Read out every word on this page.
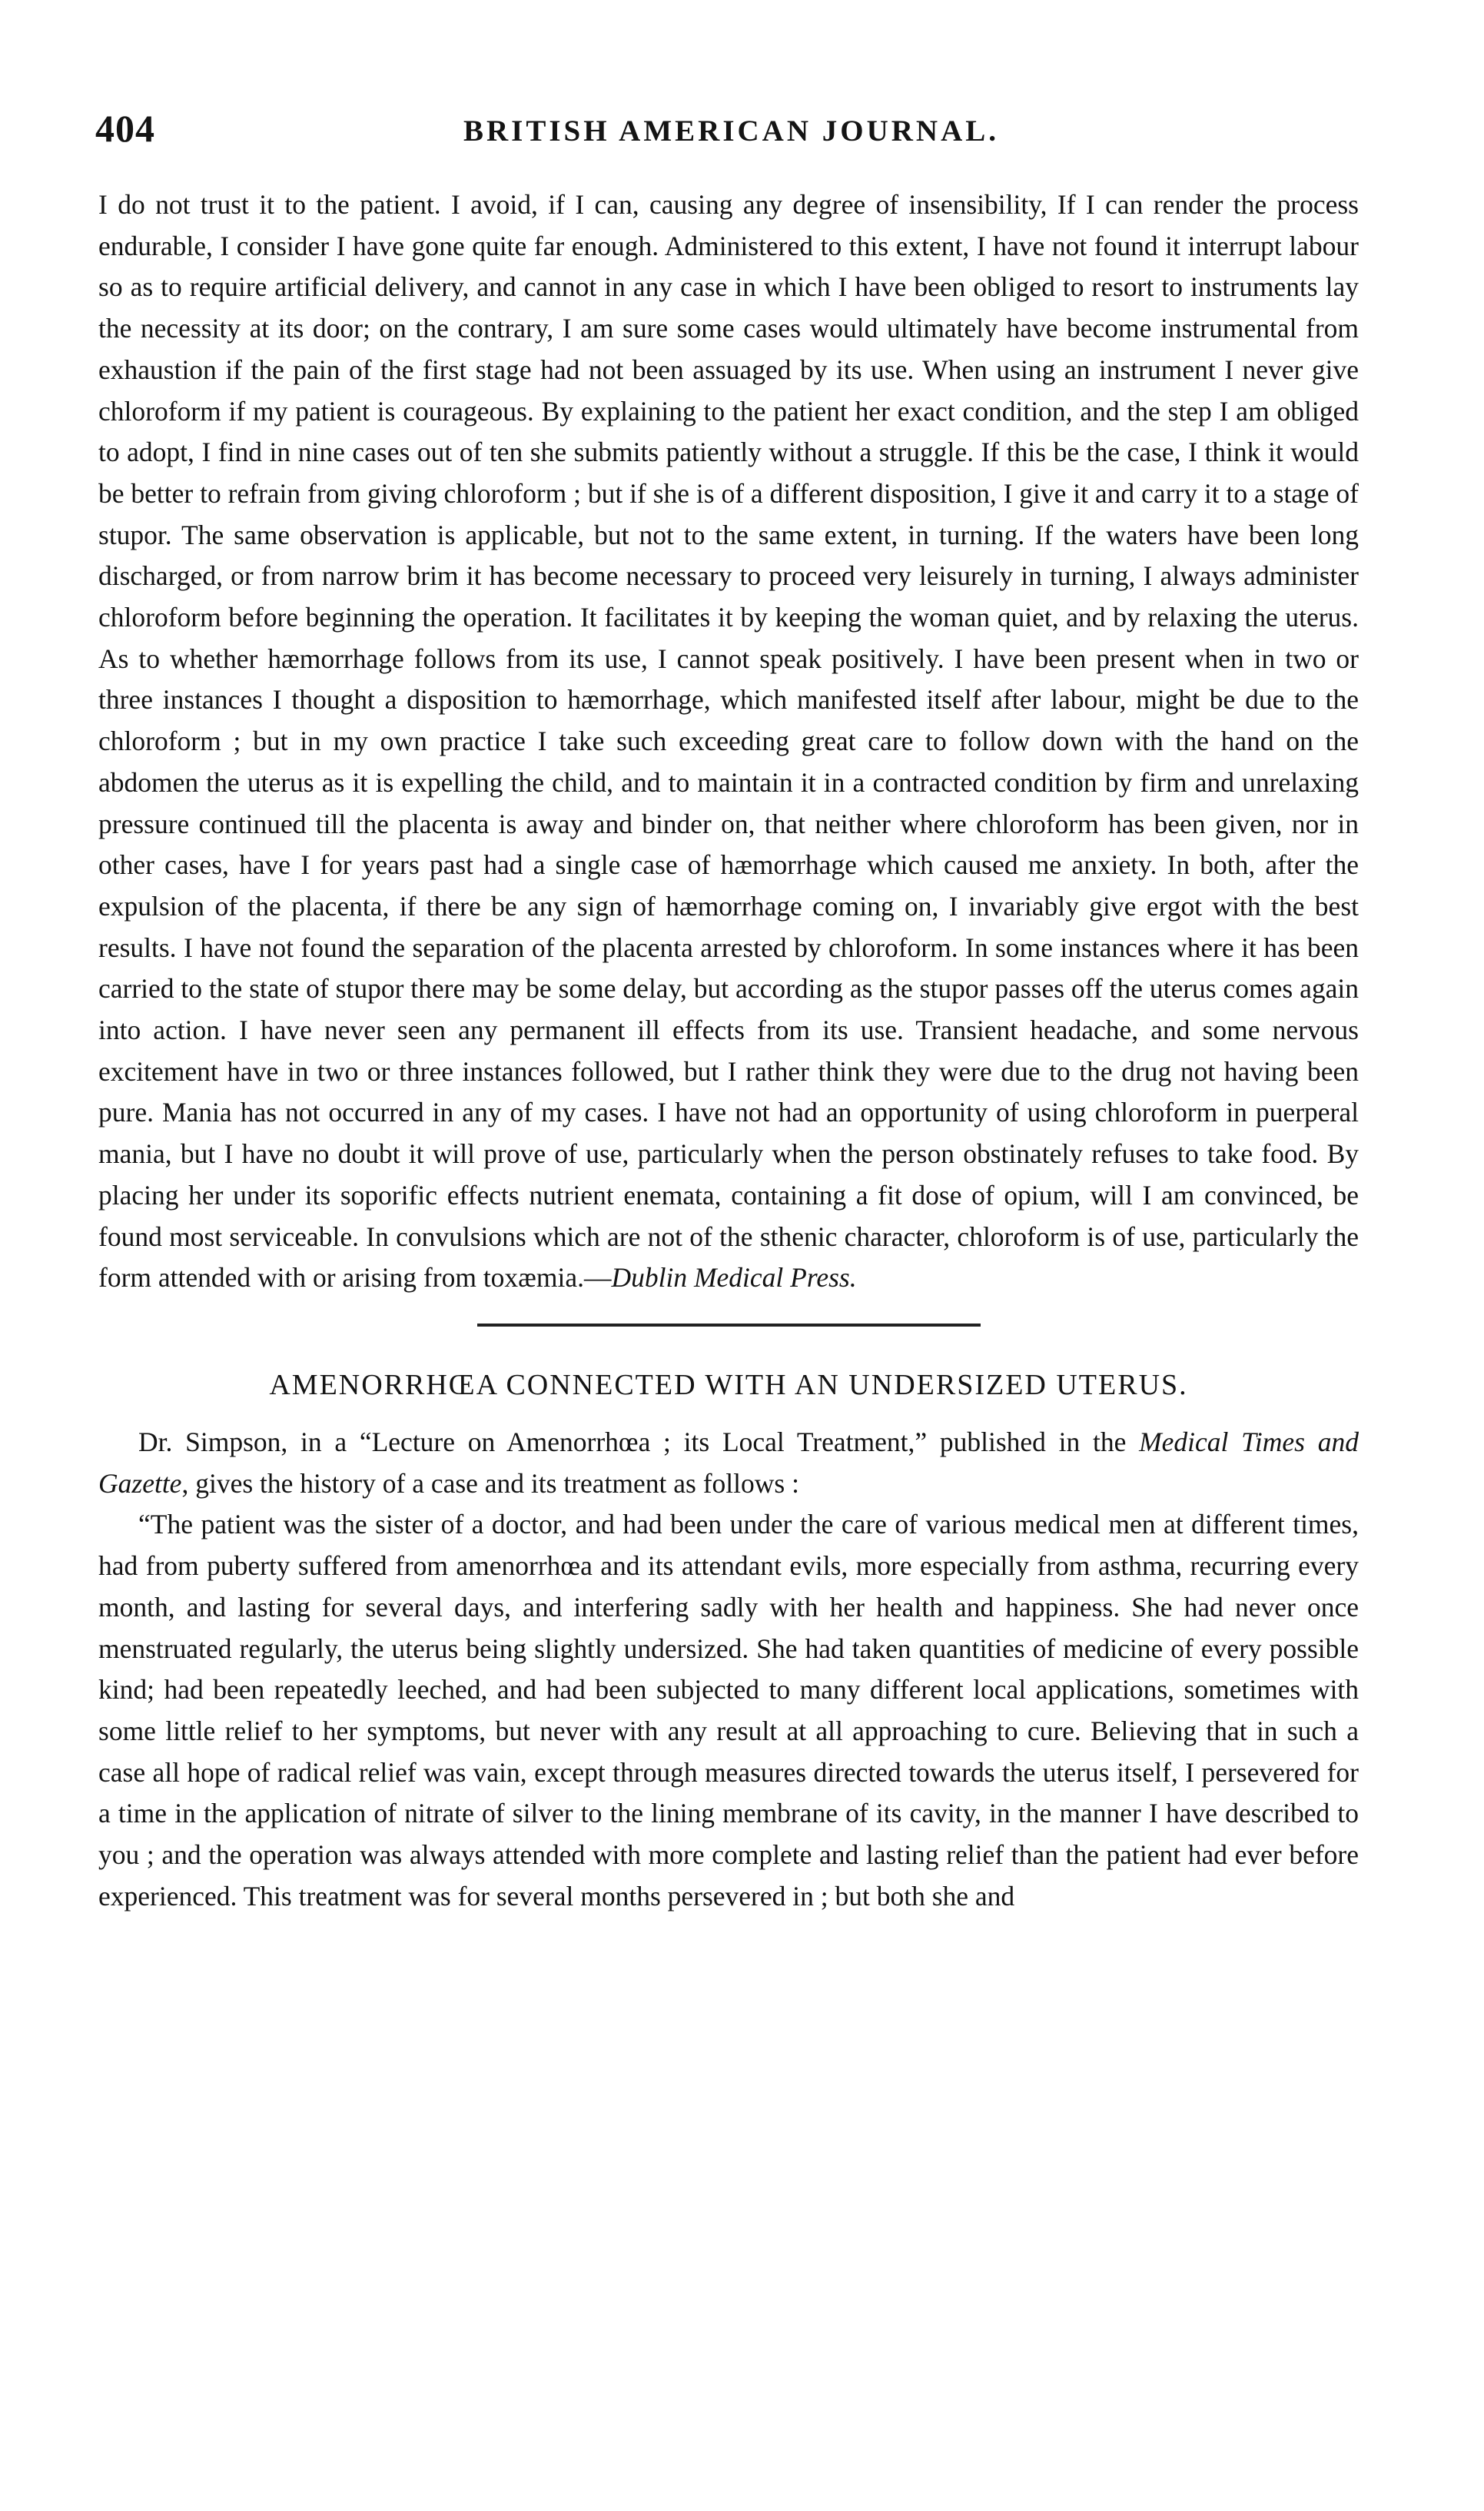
404	BRITISH AMERICAN JOURNAL.

I do not trust it to the patient. I avoid, if I can, causing any degree of insensibility, If I can render the process endurable, I consider I have gone quite far enough. Administered to this extent, I have not found it interrupt labour so as to require artificial delivery, and cannot in any case in which I have been obliged to resort to instruments lay the necessity at its door; on the contrary, I am sure some cases would ultimately have become instrumental from exhaustion if the pain of the first stage had not been assuaged by its use. When using an instrument I never give chloroform if my patient is courageous. By explaining to the patient her exact condition, and the step I am obliged to adopt, I find in nine cases out of ten she submits patiently without a struggle. If this be the case, I think it would be better to refrain from giving chloroform ; but if she is of a different disposition, I give it and carry it to a stage of stupor. The same observation is applicable, but not to the same extent, in turning. If the waters have been long discharged, or from narrow brim it has become necessary to proceed very leisurely in turning, I always administer chloroform before beginning the operation. It facilitates it by keeping the woman quiet, and by relaxing the uterus. As to whether hæmorrhage follows from its use, I cannot speak positively. I have been present when in two or three instances I thought a disposition to hæmorrhage, which manifested itself after labour, might be due to the chloroform ; but in my own practice I take such exceeding great care to follow down with the hand on the abdomen the uterus as it is expelling the child, and to maintain it in a contracted condition by firm and unrelaxing pressure continued till the placenta is away and binder on, that neither where chloroform has been given, nor in other cases, have I for years past had a single case of hæmorrhage which caused me anxiety. In both, after the expulsion of the placenta, if there be any sign of hæmorrhage coming on, I invariably give ergot with the best results. I have not found the separation of the placenta arrested by chloroform. In some instances where it has been carried to the state of stupor there may be some delay, but according as the stupor passes off the uterus comes again into action. I have never seen any permanent ill effects from its use. Transient headache, and some nervous excitement have in two or three instances followed, but I rather think they were due to the drug not having been pure. Mania has not occurred in any of my cases. I have not had an opportunity of using chloroform in puerperal mania, but I have no doubt it will prove of use, particularly when the person obstinately refuses to take food. By placing her under its soporific effects nutrient enemata, containing a fit dose of opium, will I am convinced, be found most serviceable. In convulsions which are not of the sthenic character, chloroform is of use, particularly the form attended with or arising from toxæmia.—Dublin Medical Press.

AMENORRHŒA CONNECTED WITH AN UNDERSIZED UTERUS.

Dr. Simpson, in a “Lecture on Amenorrhœa ; its Local Treatment,” published in the Medical Times and Gazette, gives the history of a case and its treatment as follows :

“The patient was the sister of a doctor, and had been under the care of various medical men at different times, had from puberty suffered from amenorrhœa and its attendant evils, more especially from asthma, recurring every month, and lasting for several days, and interfering sadly with her health and happiness. She had never once menstruated regularly, the uterus being slightly undersized. She had taken quantities of medicine of every possible kind; had been repeatedly leeched, and had been subjected to many different local applications, sometimes with some little relief to her symptoms, but never with any result at all approaching to cure. Believing that in such a case all hope of radical relief was vain, except through measures directed towards the uterus itself, I persevered for a time in the application of nitrate of silver to the lining membrane of its cavity, in the manner I have described to you ; and the operation was always attended with more complete and lasting relief than the patient had ever before experienced. This treatment was for several months persevered in ; but both she and
